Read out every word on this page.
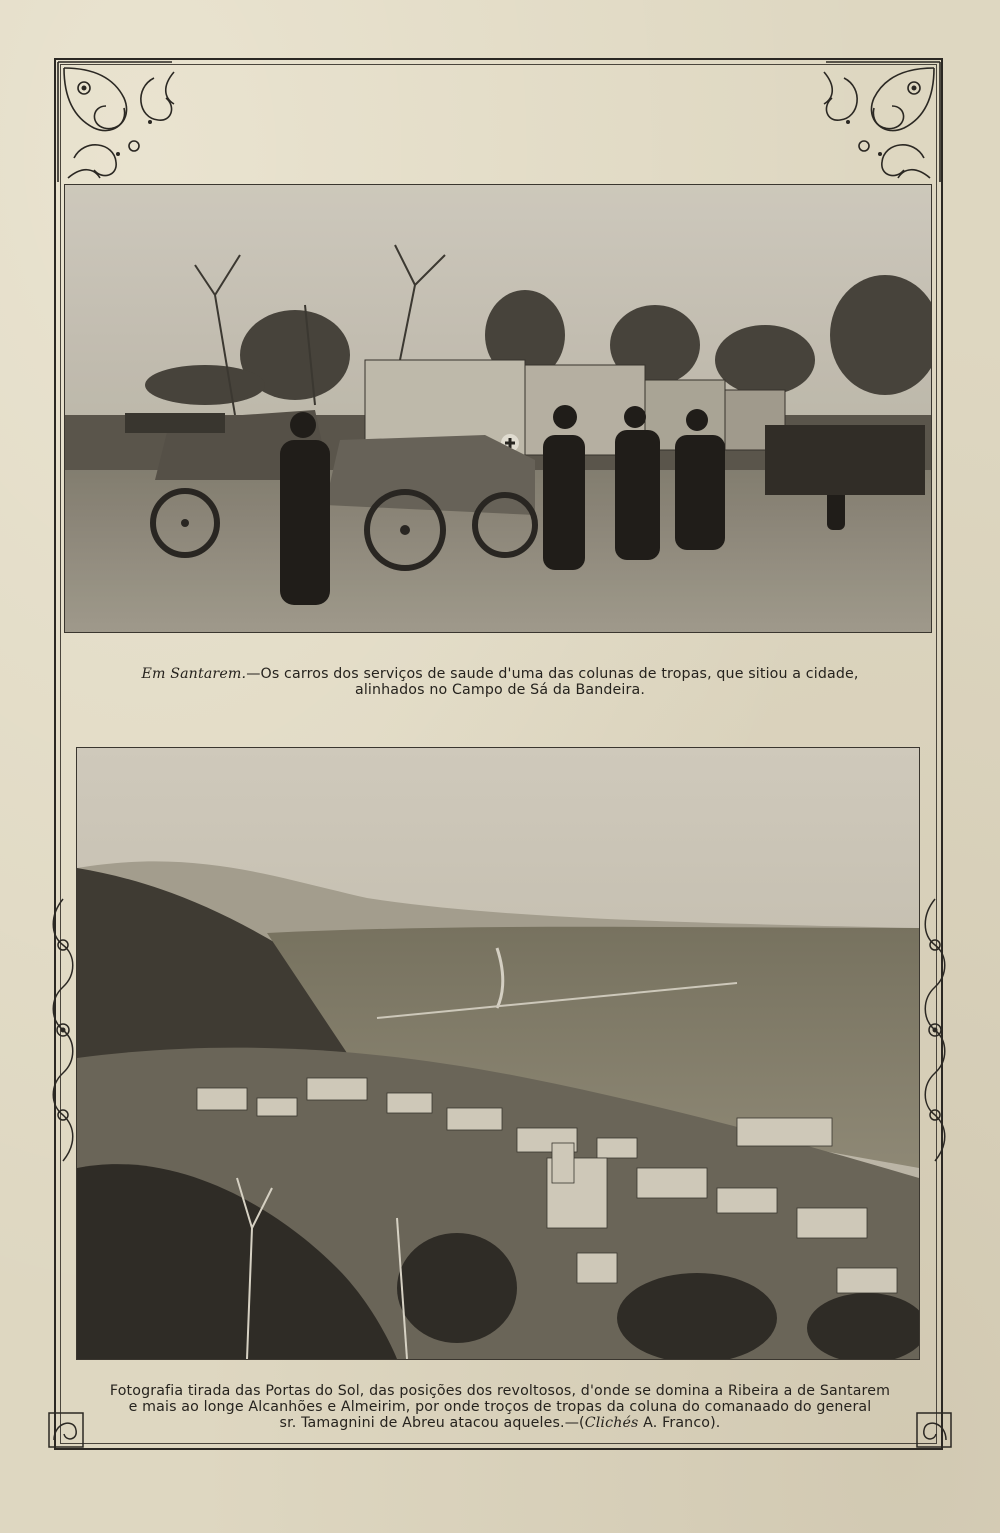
Em Santarem.—Os carros dos serviços de saude d'uma das colunas de tropas, que sitiou a cidade,
alinhados no Campo de Sá da Bandeira.
Fotografia tirada das Portas do Sol, das posições dos revoltosos, d'onde se domina a Ribeira a de Santarem
e mais ao longe Alcanhões e Almeirim, por onde troços de tropas da coluna do comanaado do general
sr. Tamagnini de Abreu atacou aqueles.—(Clichés A. Franco).
